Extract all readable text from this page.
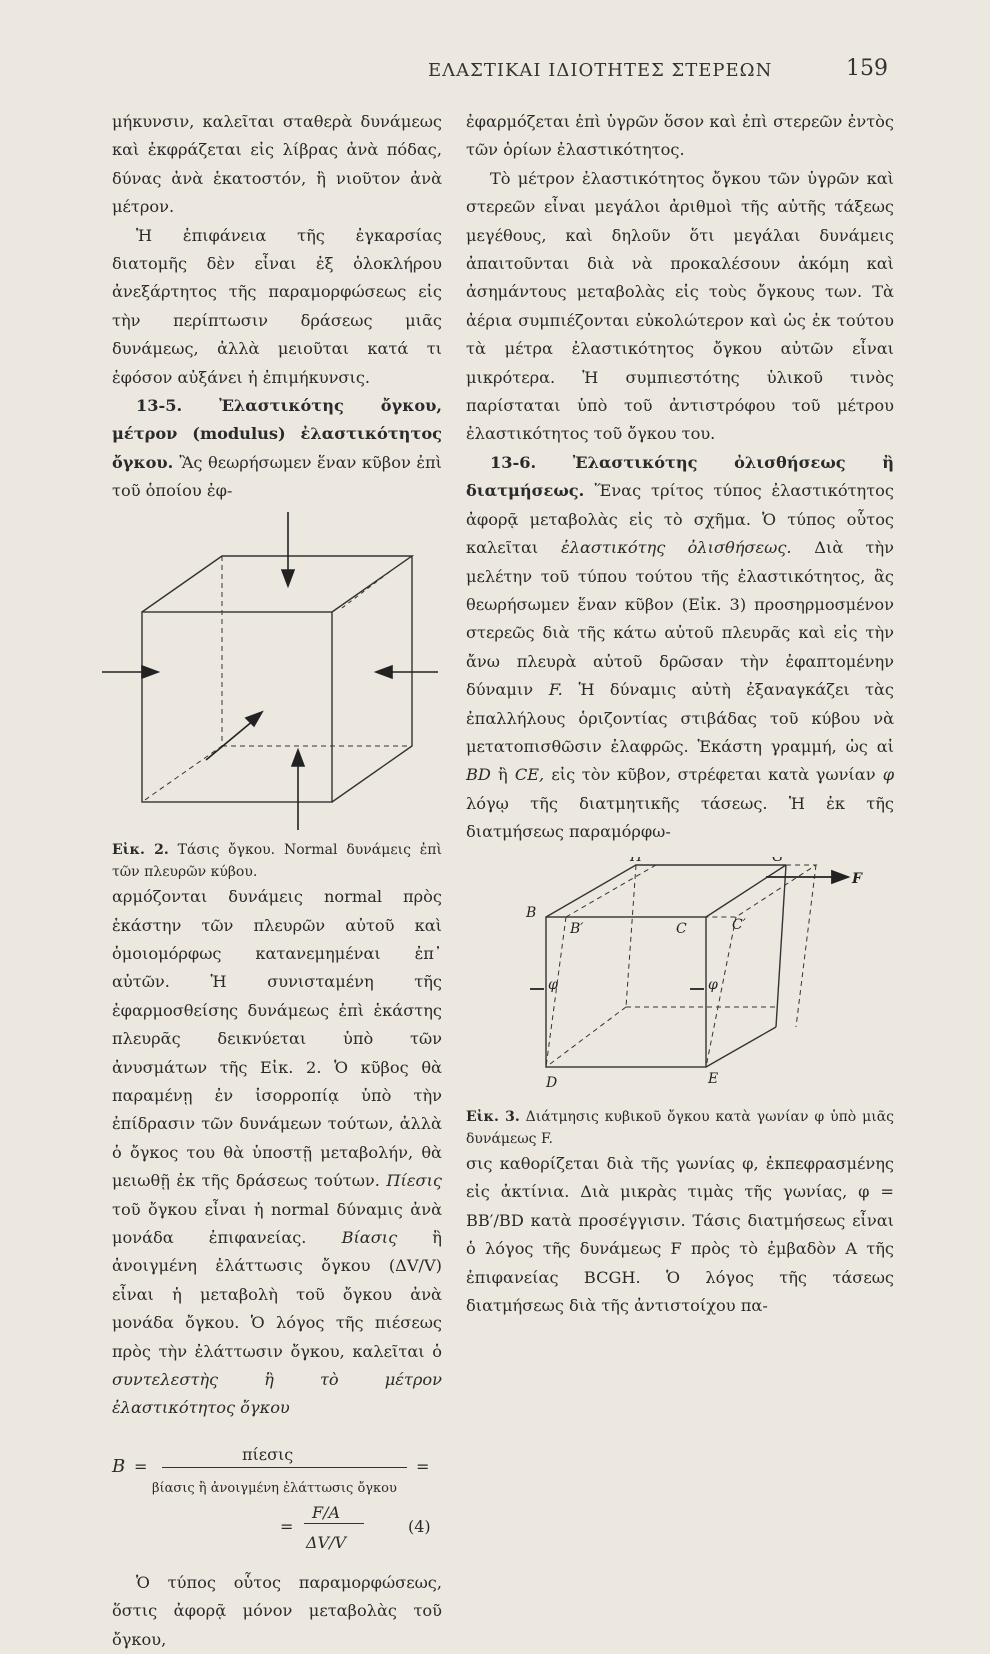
ΕΛΑΣΤΙΚΑΙ ΙΔΙΟΤΗΤΕΣ ΣΤΕΡΕΩΝ	159

μήκυνσιν, καλεῖται σταθερὰ δυνάμεως καὶ ἐκφράζεται εἰς λίβρας ἀνὰ πόδας, δύνας ἀνὰ ἑκατοστόν, ἢ νιοῦτον ἀνὰ μέτρον.

Ἡ ἐπιφάνεια τῆς ἐγκαρσίας διατομῆς δὲν εἶναι ἐξ ὁλοκλήρου ἀνεξάρτητος τῆς παραμορφώσεως εἰς τὴν περίπτωσιν δράσεως μιᾶς δυνάμεως, ἀλλὰ μειοῦται κατά τι ἐφόσον αὐξάνει ἡ ἐπιμήκυνσις.

13-5. Ἐλαστικότης ὄγκου, μέτρον (modulus) ἐλαστικότητος ὄγκου. Ἂς θεωρήσωμεν ἕναν κῦβον ἐπὶ τοῦ ὁποίου ἐφ-

Εἰκ. 2. Τάσις ὄγκου. Normal δυνάμεις ἐπὶ τῶν πλευρῶν κύβου.

αρμόζονται δυνάμεις normal πρὸς ἑκάστην τῶν πλευρῶν αὐτοῦ καὶ ὁμοιομόρφως κατανεμημέναι ἐπ᾽ αὐτῶν. Ἡ συνισταμένη τῆς ἐφαρμοσθείσης δυνάμεως ἐπὶ ἑκάστης πλευρᾶς δεικνύεται ὑπὸ τῶν ἀνυσμάτων τῆς Εἰκ. 2. Ὁ κῦβος θὰ παραμένῃ ἐν ἰσορροπίᾳ ὑπὸ τὴν ἐπίδρασιν τῶν δυνάμεων τούτων, ἀλλὰ ὁ ὄγκος του θὰ ὑποστῇ μεταβολήν, θὰ μειωθῇ ἐκ τῆς δράσεως τούτων. Πίεσις τοῦ ὄγκου εἶναι ἡ normal δύναμις ἀνὰ μονάδα ἐπιφανείας. Βίασις ἢ ἀνοιγμένη ἐλάττωσις ὄγκου (ΔV/V) εἶναι ἡ μεταβολὴ τοῦ ὄγκου ἀνὰ μονάδα ὄγκου. Ὁ λόγος τῆς πιέσεως πρὸς τὴν ἐλάττωσιν ὄγκου, καλεῖται ὁ συντελεστὴς ἢ τὸ μέτρον ἐλαστικότητος ὄγκου

B =
πίεσις
βίασις ἢ ἀνοιγμένη ἐλάττωσις ὄγκου
=
=
F/A
ΔV/V
(4)

Ὁ τύπος οὗτος παραμορφώσεως, ὅστις ἀφορᾷ μόνον μεταβολὰς τοῦ ὄγκου,

ἐφαρμόζεται ἐπὶ ὑγρῶν ὅσον καὶ ἐπὶ στερεῶν ἐντὸς τῶν ὁρίων ἐλαστικότητος.

Τὸ μέτρον ἐλαστικότητος ὄγκου τῶν ὑγρῶν καὶ στερεῶν εἶναι μεγάλοι ἀριθμοὶ τῆς αὐτῆς τάξεως μεγέθους, καὶ δηλοῦν ὅτι μεγάλαι δυνάμεις ἀπαιτοῦνται διὰ νὰ προκαλέσουν ἀκόμη καὶ ἀσημάντους μεταβολὰς εἰς τοὺς ὄγκους των. Τὰ ἀέρια συμπιέζονται εὐκολώτερον καὶ ὡς ἐκ τούτου τὰ μέτρα ἐλαστικότητος ὄγκου αὐτῶν εἶναι μικρότερα. Ἡ συμπιεστότης ὑλικοῦ τινὸς παρίσταται ὑπὸ τοῦ ἀντιστρόφου τοῦ μέτρου ἐλαστικότητος τοῦ ὄγκου του.

13-6. Ἐλαστικότης ὀλισθήσεως ἢ διατμήσεως. Ἕνας τρίτος τύπος ἐλαστικότητος ἀφορᾷ μεταβολὰς εἰς τὸ σχῆμα. Ὁ τύπος οὗτος καλεῖται ἐλαστικότης ὀλισθήσεως. Διὰ τὴν μελέτην τοῦ τύπου τούτου τῆς ἐλαστικότητος, ἂς θεωρήσωμεν ἕναν κῦβον (Εἰκ. 3) προσηρμοσμένον στερεῶς διὰ τῆς κάτω αὐτοῦ πλευρᾶς καὶ εἰς τὴν ἄνω πλευρὰ αὐτοῦ δρῶσαν τὴν ἐφαπτομένην δύναμιν F. Ἡ δύναμις αὐτὴ ἐξαναγκάζει τὰς ἐπαλλήλους ὁριζοντίας στιβάδας τοῦ κύβου νὰ μετατοπισθῶσιν ἐλαφρῶς. Ἑκάστη γραμμή, ὡς αἱ BD ἢ CE, εἰς τὸν κῦβον, στρέφεται κατὰ γωνίαν φ λόγῳ τῆς διατμητικῆς τάσεως. Ἡ ἐκ τῆς διατμήσεως παραμόρφω-

H	G
F
B
B′	C	C′
φ	φ
D	E

Εἰκ. 3. Διάτμησις κυβικοῦ ὄγκου κατὰ γωνίαν φ ὑπὸ μιᾶς δυνάμεως F.

σις καθορίζεται διὰ τῆς γωνίας φ, ἐκπεφρασμένης εἰς ἀκτίνια. Διὰ μικρὰς τιμὰς τῆς γωνίας, φ = BB′/BD κατὰ προσέγγισιν. Τάσις διατμήσεως εἶναι ὁ λόγος τῆς δυνάμεως F πρὸς τὸ ἐμβαδὸν A τῆς ἐπιφανείας BCGH. Ὁ λόγος τῆς τάσεως διατμήσεως διὰ τῆς ἀντιστοίχου πα-
